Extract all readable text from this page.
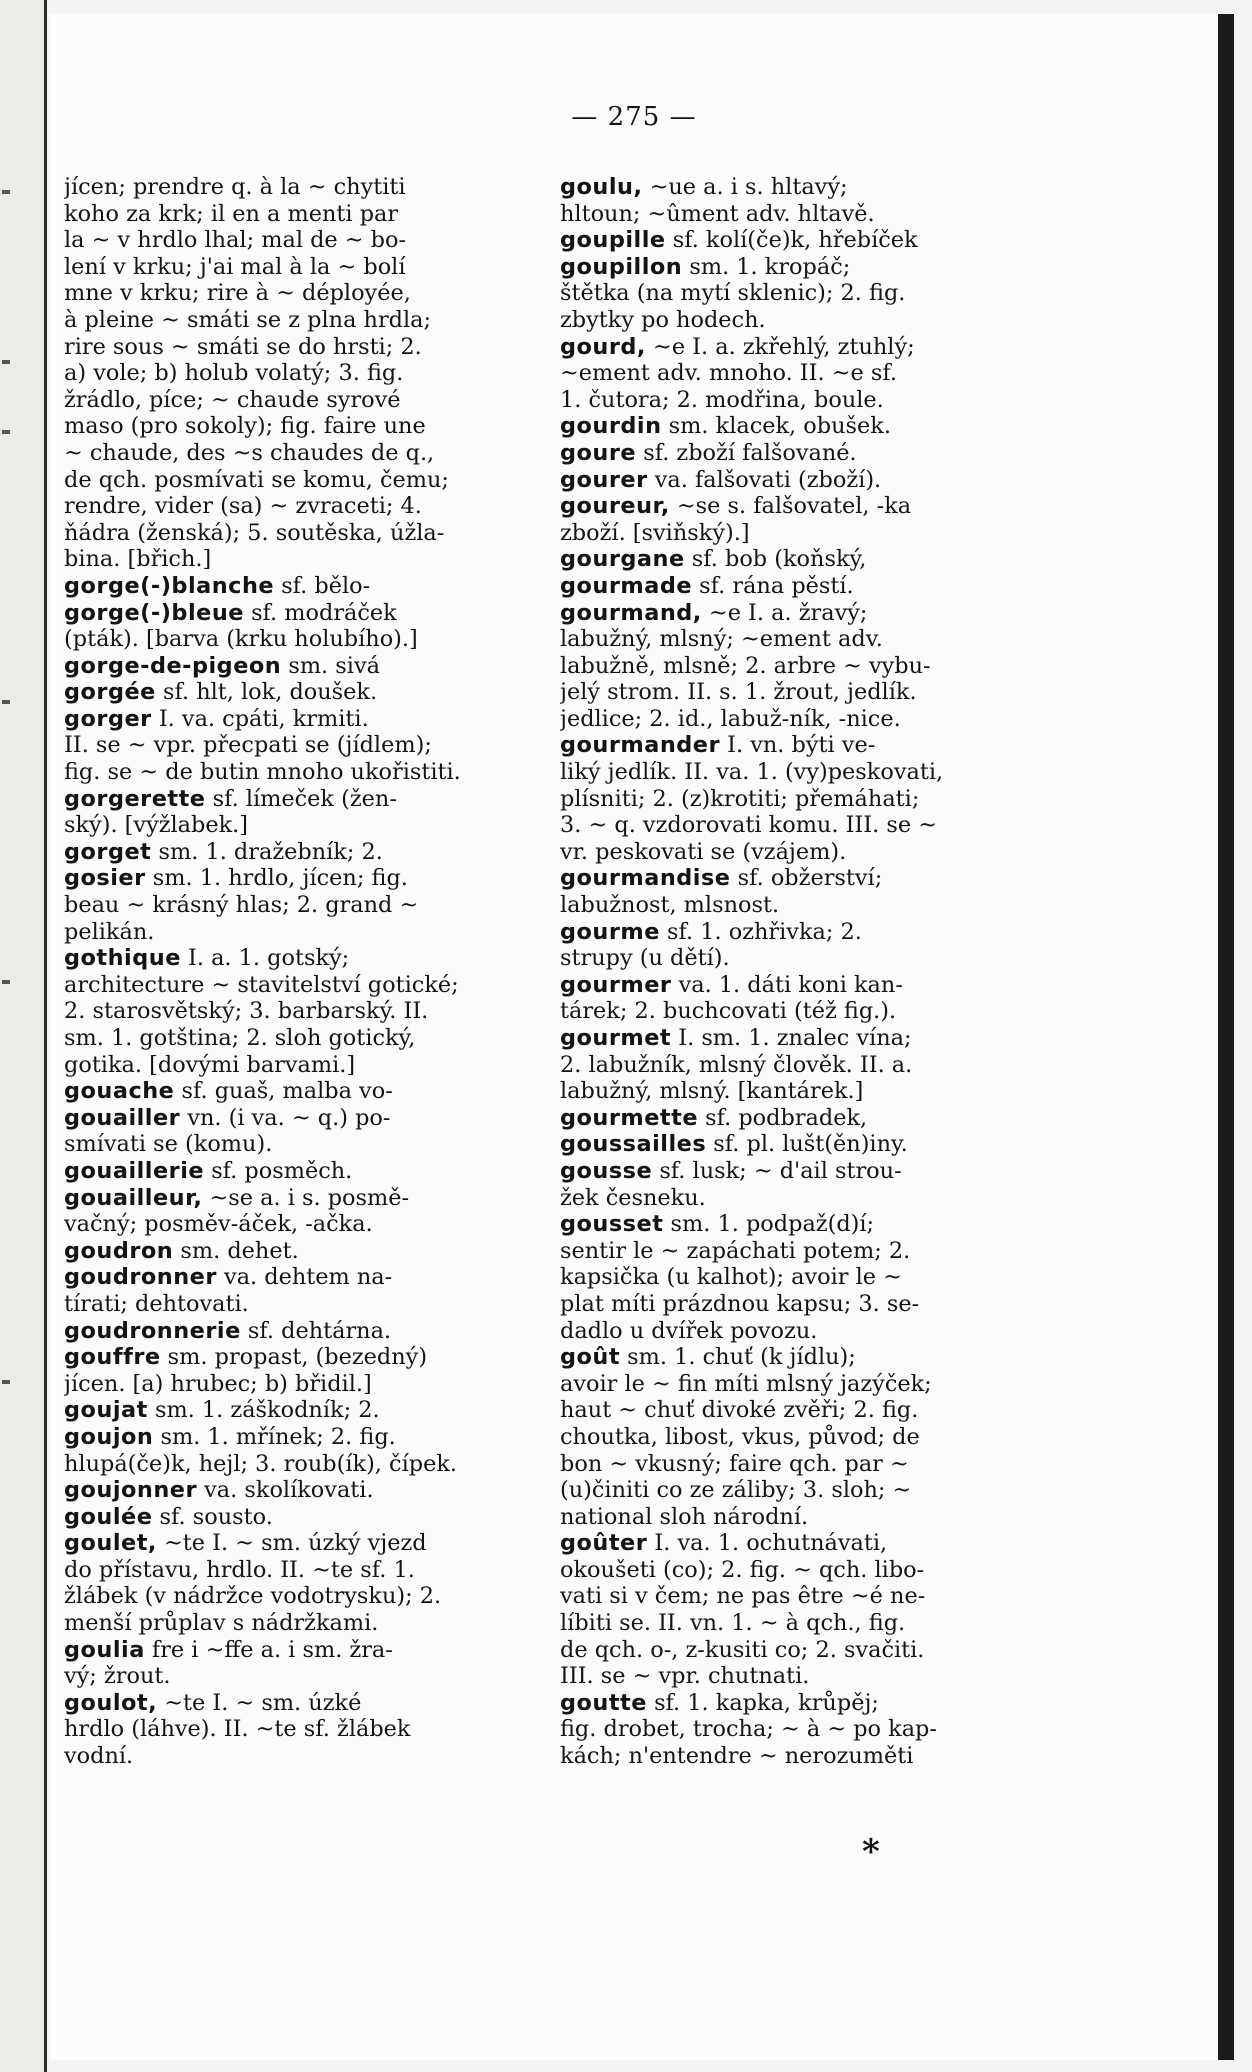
— 275 —
jícen; prendre q. à la ~ chytiti
koho za krk; il en a menti par
la ~ v hrdlo lhal; mal de ~ bo-
lení v krku; j'ai mal à la ~ bolí
mne v krku; rire à ~ déployée,
à pleine ~ smáti se z plna hrdla;
rire sous ~ smáti se do hrsti; 2.
a) vole; b) holub volatý; 3. fig.
žrádlo, píce; ~ chaude syrové
maso (pro sokoly); fig. faire une
~ chaude, des ~s chaudes de q.,
de qch. posmívati se komu, čemu;
rendre, vider (sa) ~ zvraceti; 4.
ňádra (ženská); 5. soutěska, úžla-
bina. [břich.]
gorge(-)blanche sf. bělo-
gorge(-)bleue sf. modráček
(pták). [barva (krku holubího).]
gorge-de-pigeon sm. sivá
gorgée sf. hlt, lok, doušek.
gorger I. va. cpáti, krmiti.
II. se ~ vpr. přecpati se (jídlem);
fig. se ~ de butin mnoho ukořistiti.
gorgerette sf. límeček (žen-
ský). [výžlabek.]
gorget sm. 1. dražebník; 2.
gosier sm. 1. hrdlo, jícen; fig.
beau ~ krásný hlas; 2. grand ~
pelikán.
gothique I. a. 1. gotský;
architecture ~ stavitelství gotické;
2. starosvětský; 3. barbarský. II.
sm. 1. gotština; 2. sloh gotický,
gotika. [dovými barvami.]
gouache sf. guaš, malba vo-
gouailler vn. (i va. ~ q.) po-
smívati se (komu).
gouaillerie sf. posměch.
gouailleur, ~se a. i s. posmě-
vačný; posměv-áček, -ačka.
goudron sm. dehet.
goudronner va. dehtem na-
tírati; dehtovati.
goudronnerie sf. dehtárna.
gouffre sm. propast, (bezedný)
jícen. [a) hrubec; b) břidil.]
goujat sm. 1. záškodník; 2.
goujon sm. 1. mřínek; 2. fig.
hlupá(če)k, hejl; 3. roub(ík), čípek.
goujonner va. skolíkovati.
goulée sf. sousto.
goulet, ~te I. ~ sm. úzký vjezd
do přístavu, hrdlo. II. ~te sf. 1.
žlábek (v nádržce vodotrysku); 2.
menší průplav s nádržkami.
goulia fre i ~ffe a. i sm. žra-
vý; žrout.
goulot, ~te I. ~ sm. úzké
hrdlo (láhve). II. ~te sf. žlábek
vodní.
goulu, ~ue a. i s. hltavý;
hltoun; ~ûment adv. hltavě.
goupille sf. kolí(če)k, hřebíček
goupillon sm. 1. kropáč;
štětka (na mytí sklenic); 2. fig.
zbytky po hodech.
gourd, ~e I. a. zkřehlý, ztuhlý;
~ement adv. mnoho. II. ~e sf.
1. čutora; 2. modřina, boule.
gourdin sm. klacek, obušek.
goure sf. zboží falšované.
gourer va. falšovati (zboží).
goureur, ~se s. falšovatel, -ka
zboží. [sviňský).]
gourgane sf. bob (koňský,
gourmade sf. rána pěstí.
gourmand, ~e I. a. žravý;
labužný, mlsný; ~ement adv.
labužně, mlsně; 2. arbre ~ vybu-
jelý strom. II. s. 1. žrout, jedlík.
jedlice; 2. id., labuž-ník, -nice.
gourmander I. vn. býti ve-
liký jedlík. II. va. 1. (vy)peskovati,
plísniti; 2. (z)krotiti; přemáhati;
3. ~ q. vzdorovati komu. III. se ~
vr. peskovati se (vzájem).
gourmandise sf. obžerství;
labužnost, mlsnost.
gourme sf. 1. ozhřivka; 2.
strupy (u dětí).
gourmer va. 1. dáti koni kan-
tárek; 2. buchcovati (též fig.).
gourmet I. sm. 1. znalec vína;
2. labužník, mlsný člověk. II. a.
labužný, mlsný. [kantárek.]
gourmette sf. podbradek,
goussailles sf. pl. lušt(ěn)iny.
gousse sf. lusk; ~ d'ail strou-
žek česneku.
gousset sm. 1. podpaž(d)í;
sentir le ~ zapáchati potem; 2.
kapsička (u kalhot); avoir le ~
plat míti prázdnou kapsu; 3. se-
dadlo u dvířek povozu.
goût sm. 1. chuť (k jídlu);
avoir le ~ fin míti mlsný jazýček;
haut ~ chuť divoké zvěři; 2. fig.
choutka, libost, vkus, původ; de
bon ~ vkusný; faire qch. par ~
(u)činiti co ze záliby; 3. sloh; ~
national sloh národní.
goûter I. va. 1. ochutnávati,
okoušeti (co); 2. fig. ~ qch. libo-
vati si v čem; ne pas être ~é ne-
líbiti se. II. vn. 1. ~ à qch., fig.
de qch. o-, z-kusiti co; 2. svačiti.
III. se ~ vpr. chutnati.
goutte sf. 1. kapka, krůpěj;
fig. drobet, trocha; ~ à ~ po kap-
kách; n'entendre ~ nerozuměti
*
